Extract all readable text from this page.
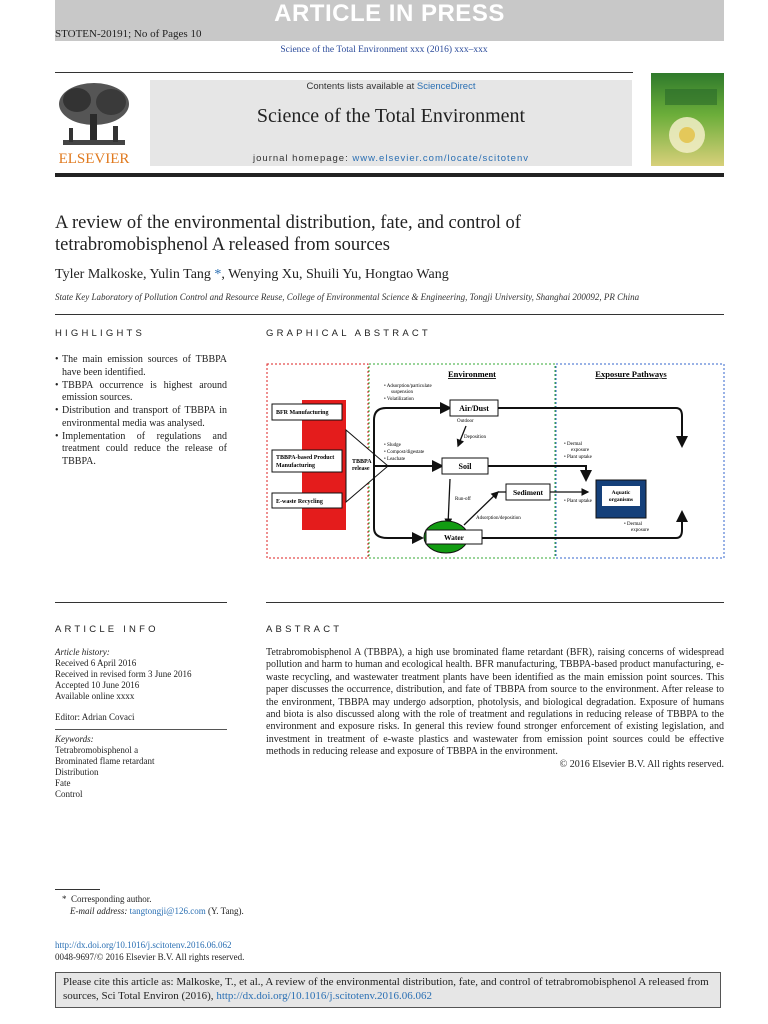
ARTICLE IN PRESS
STOTEN-20191; No of Pages 10
Science of the Total Environment xxx (2016) xxx–xxx
ELSEVIER
Contents lists available at ScienceDirect
Science of the Total Environment
journal homepage: www.elsevier.com/locate/scitotenv
A review of the environmental distribution, fate, and control of tetrabromobisphenol A released from sources
Tyler Malkoske, Yulin Tang *, Wenying Xu, Shuili Yu, Hongtao Wang
State Key Laboratory of Pollution Control and Resource Reuse, College of Environmental Science & Engineering, Tongji University, Shanghai 200092, PR China
HIGHLIGHTS
• The main emission sources of TBBPA have been identified.
• TBBPA occurrence is highest around emission sources.
• Distribution and transport of TBBPA in environmental media was analysed.
• Implementation of regulations and treatment could reduce the release of TBBPA.
GRAPHICAL ABSTRACT
Environment	Exposure Pathways
BFR Manufacturing
TBBPA-based Product
Manufacturing
E-waste Recycling
TBBPA
release
Air/Dust
Soil
Sediment
Water
Aquatic
organisms
• Adsorption/particulate
suspension
• Volatilization
Outdoor
Deposition
• Sludge
• Compost/digestate
• Leachate
Run-off
Adsorption/deposition
• Dermal
exposure
• Plant uptake
• Plant uptake
• Dermal
exposure
ARTICLE INFO
Article history:
Received 6 April 2016
Received in revised form 3 June 2016
Accepted 10 June 2016
Available online xxxx
Editor: Adrian Covaci
Keywords:
Tetrabromobisphenol a
Brominated flame retardant
Distribution
Fate
Control
ABSTRACT
Tetrabromobisphenol A (TBBPA), a high use brominated flame retardant (BFR), raising concerns of widespread pollution and harm to human and ecological health. BFR manufacturing, TBBPA-based product manufacturing, e-waste recycling, and wastewater treatment plants have been identified as the main emission point sources. This paper discusses the occurrence, distribution, and fate of TBBPA from source to the environment. After release to the environment, TBBPA may undergo adsorption, photolysis, and biological degradation. Exposure of humans and biota is also discussed along with the role of treatment and regulations in reducing release of TBBPA to the environment and exposure risks. In general this review found stronger enforcement of existing legislation, and investment in treatment of e-waste plastics and wastewater from emission point sources could be effective methods in reducing release and exposure of TBBPA in the environment.
© 2016 Elsevier B.V. All rights reserved.
* Corresponding author.
E-mail address: tangtongji@126.com (Y. Tang).
http://dx.doi.org/10.1016/j.scitotenv.2016.06.062
0048-9697/© 2016 Elsevier B.V. All rights reserved.
Please cite this article as: Malkoske, T., et al., A review of the environmental distribution, fate, and control of tetrabromobisphenol A released from sources, Sci Total Environ (2016), http://dx.doi.org/10.1016/j.scitotenv.2016.06.062
